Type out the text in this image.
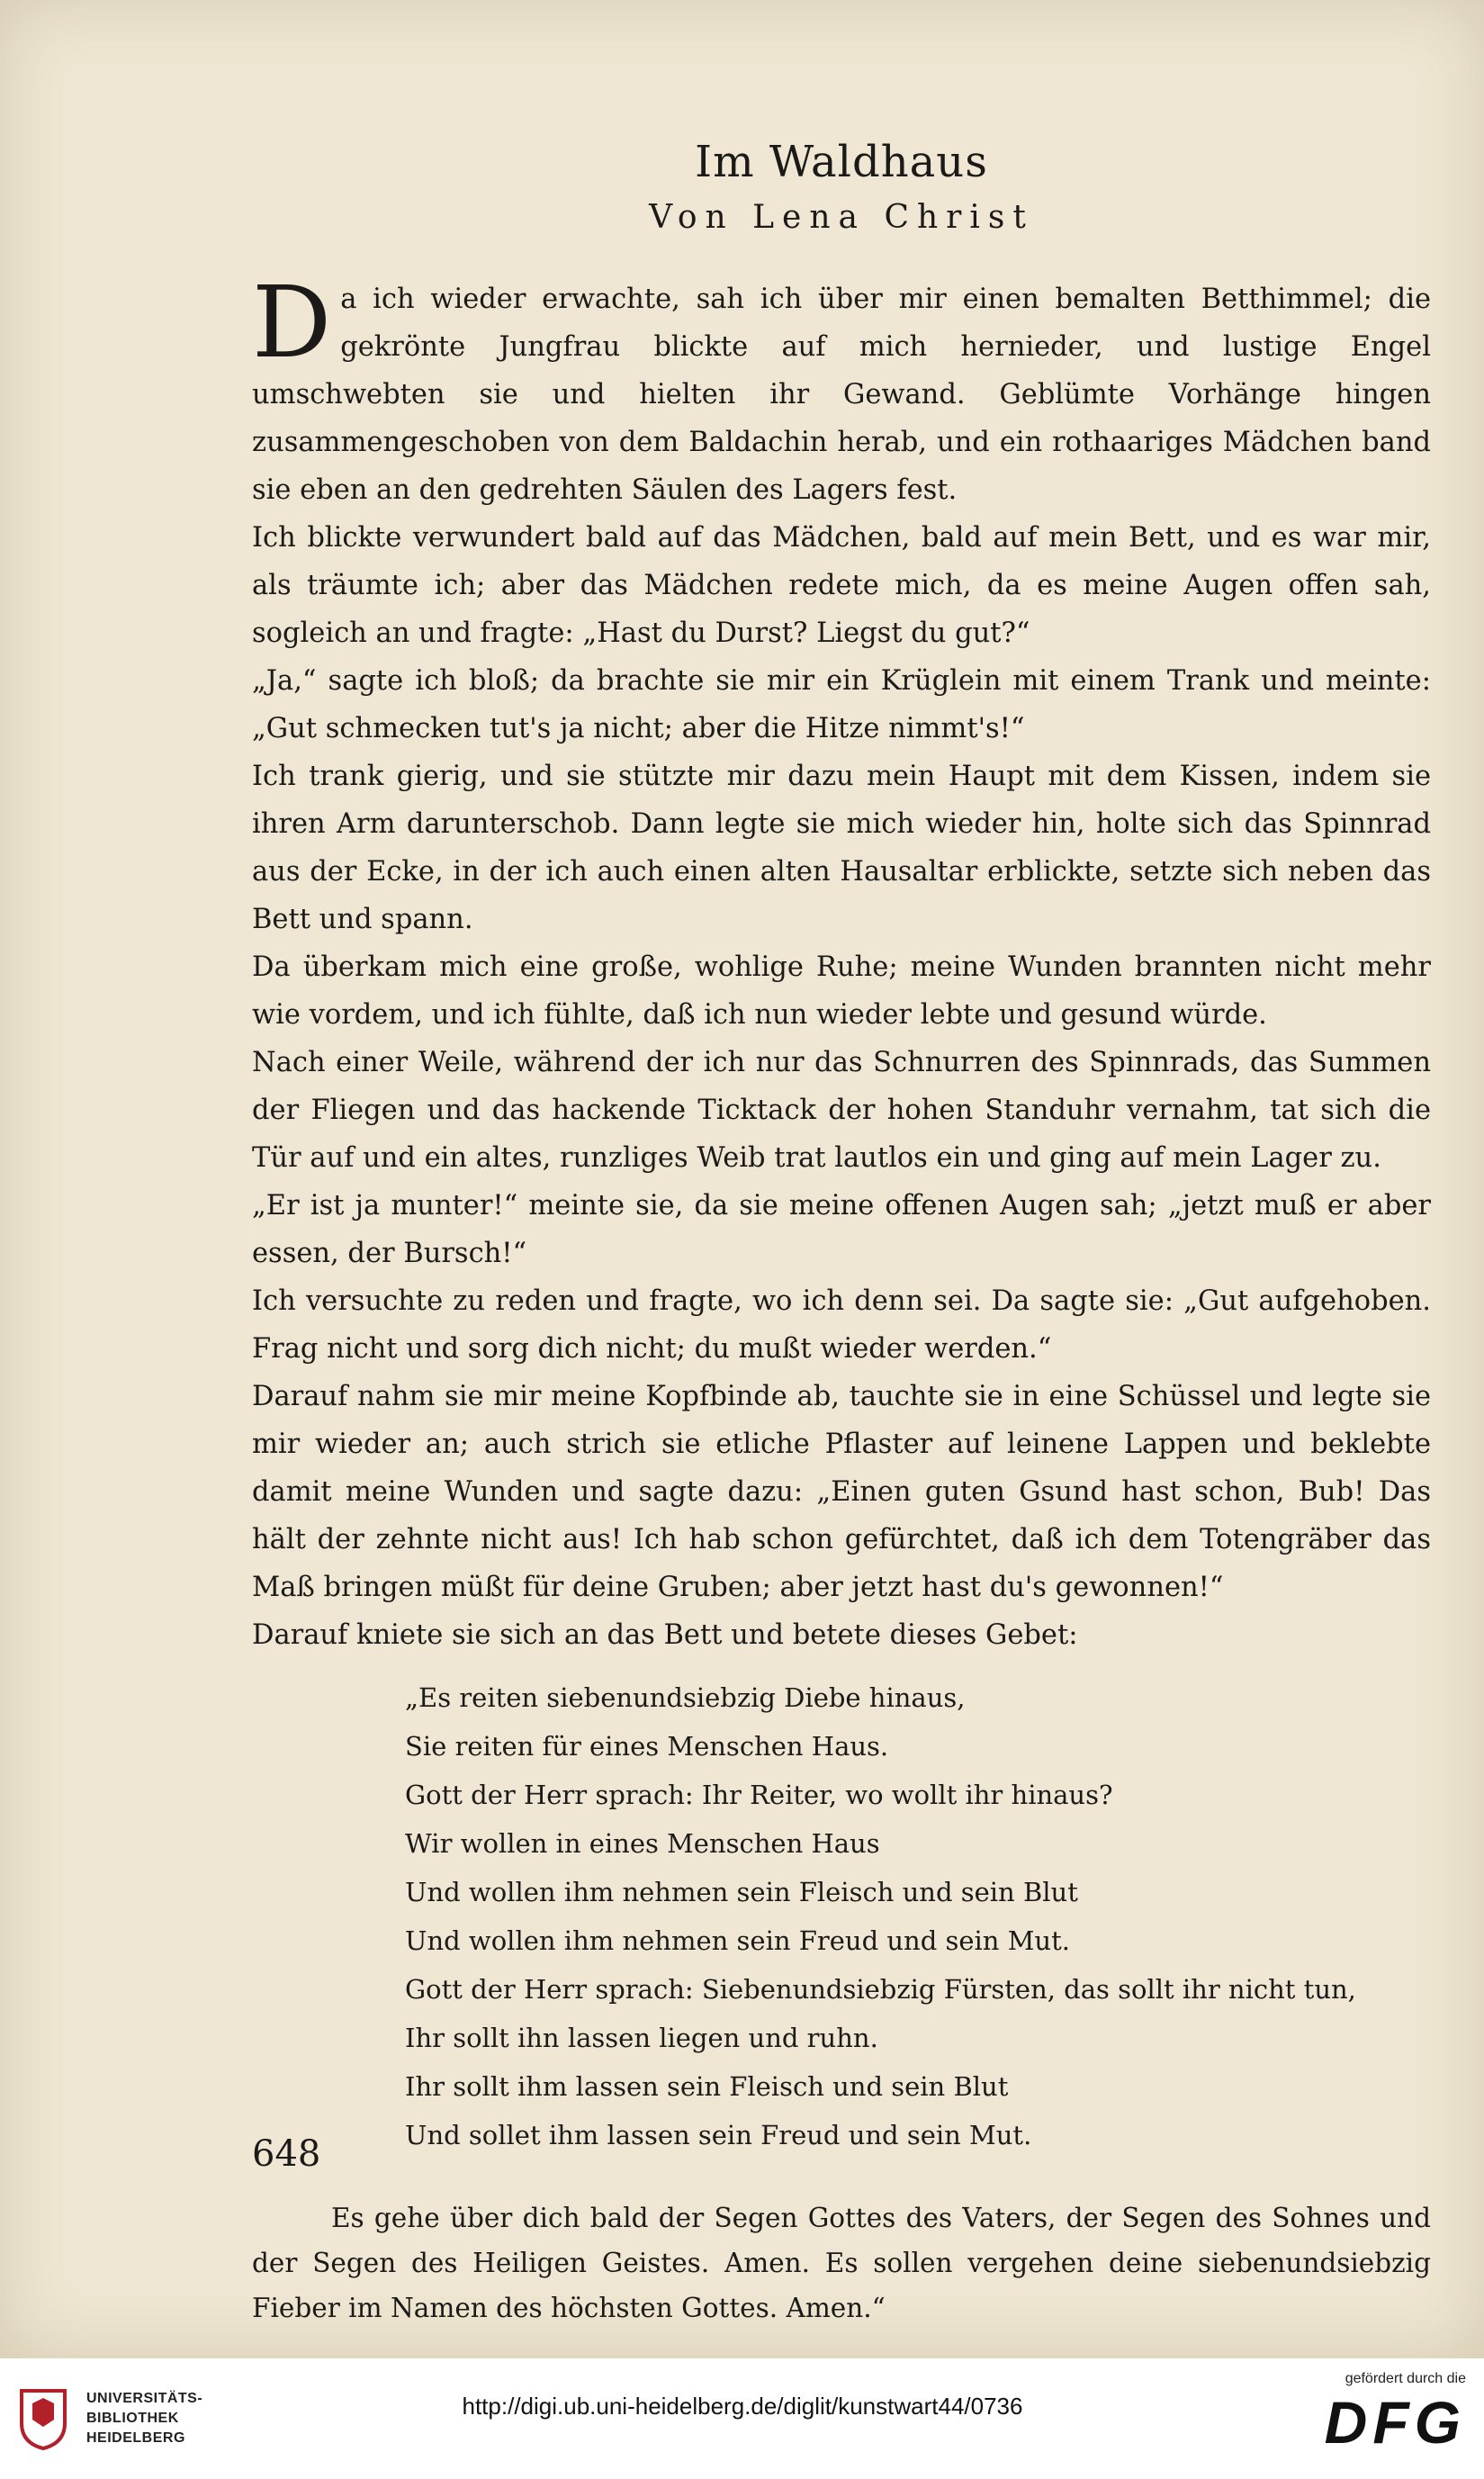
Im Waldhaus
Von Lena Christ

Da ich wieder erwachte, sah ich über mir einen bemalten Betthimmel; die gekrönte Jungfrau blickte auf mich hernieder, und lustige Engel umschwebten sie und hielten ihr Gewand. Geblümte Vorhänge hingen zusammengeschoben von dem Baldachin herab, und ein rothaariges Mädchen band sie eben an den gedrehten Säulen des Lagers fest.

Ich blickte verwundert bald auf das Mädchen, bald auf mein Bett, und es war mir, als träumte ich; aber das Mädchen redete mich, da es meine Augen offen sah, sogleich an und fragte: „Hast du Durst? Liegst du gut?“

„Ja,“ sagte ich bloß; da brachte sie mir ein Krüglein mit einem Trank und meinte: „Gut schmecken tut's ja nicht; aber die Hitze nimmt's!“

Ich trank gierig, und sie stützte mir dazu mein Haupt mit dem Kissen, indem sie ihren Arm darunterschob. Dann legte sie mich wieder hin, holte sich das Spinnrad aus der Ecke, in der ich auch einen alten Hausaltar erblickte, setzte sich neben das Bett und spann.

Da überkam mich eine große, wohlige Ruhe; meine Wunden brannten nicht mehr wie vordem, und ich fühlte, daß ich nun wieder lebte und gesund würde.

Nach einer Weile, während der ich nur das Schnurren des Spinnrads, das Summen der Fliegen und das hackende Ticktack der hohen Standuhr vernahm, tat sich die Tür auf und ein altes, runzliges Weib trat lautlos ein und ging auf mein Lager zu.

„Er ist ja munter!“ meinte sie, da sie meine offenen Augen sah; „jetzt muß er aber essen, der Bursch!“

Ich versuchte zu reden und fragte, wo ich denn sei. Da sagte sie: „Gut aufgehoben. Frag nicht und sorg dich nicht; du mußt wieder werden.“

Darauf nahm sie mir meine Kopfbinde ab, tauchte sie in eine Schüssel und legte sie mir wieder an; auch strich sie etliche Pflaster auf leinene Lappen und beklebte damit meine Wunden und sagte dazu: „Einen guten Gsund hast schon, Bub! Das hält der zehnte nicht aus! Ich hab schon gefürchtet, daß ich dem Totengräber das Maß bringen müßt für deine Gruben; aber jetzt hast du's gewonnen!“

Darauf kniete sie sich an das Bett und betete dieses Gebet:

„Es reiten siebenundsiebzig Diebe hinaus,
Sie reiten für eines Menschen Haus.
Gott der Herr sprach: Ihr Reiter, wo wollt ihr hinaus?
Wir wollen in eines Menschen Haus
Und wollen ihm nehmen sein Fleisch und sein Blut
Und wollen ihm nehmen sein Freud und sein Mut.
Gott der Herr sprach: Siebenundsiebzig Fürsten, das sollt ihr nicht tun,
Ihr sollt ihn lassen liegen und ruhn.
Ihr sollt ihm lassen sein Fleisch und sein Blut
Und sollet ihm lassen sein Freud und sein Mut.

Es gehe über dich bald der Segen Gottes des Vaters, der Segen des Sohnes und der Segen des Heiligen Geistes. Amen. Es sollen vergehen deine siebenundsiebzig Fieber im Namen des höchsten Gottes. Amen.“

648
UNIVERSITÄTS-
BIBLIOTHEK
HEIDELBERG
http://digi.ub.uni-heidelberg.de/diglit/kunstwart44/0736
gefördert durch die
DFG
